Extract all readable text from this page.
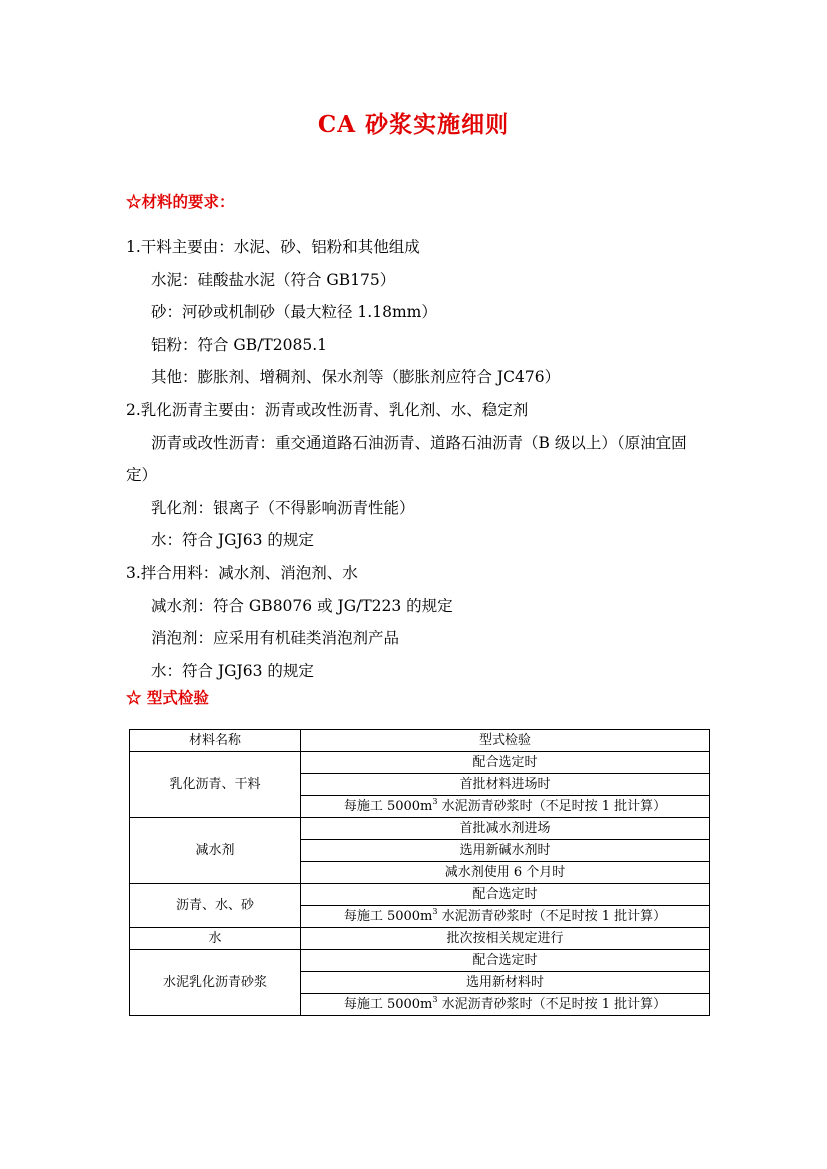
CA 砂浆实施细则
☆材料的要求：
1.干料主要由：水泥、砂、铝粉和其他组成
水泥：硅酸盐水泥（符合 GB175）
砂：河砂或机制砂（最大粒径 1.18mm）
铝粉：符合 GB/T2085.1
其他：膨胀剂、增稠剂、保水剂等（膨胀剂应符合 JC476）
2.乳化沥青主要由：沥青或改性沥青、乳化剂、水、稳定剂
沥青或改性沥青：重交通道路石油沥青、道路石油沥青（B 级以上）（原油宜固定）
乳化剂：银离子（不得影响沥青性能）
水：符合 JGJ63 的规定
3.拌合用料：减水剂、消泡剂、水
减水剂：符合 GB8076 或 JG/T223 的规定
消泡剂：应采用有机硅类消泡剂产品
水：符合 JGJ63 的规定
☆ 型式检验
材料名称	型式检验
乳化沥青、干料	配合选定时
	首批材料进场时
	每施工 $5000m^3$ 水泥沥青砂浆时（不足时按 1 批计算）
减水剂	首批减水剂进场
	选用新碱水剂时
	减水剂使用 6 个月时
沥青、水、砂	配合选定时
	每施工 $5000m^3$ 水泥沥青砂浆时（不足时按 1 批计算）
水	批次按相关规定进行
水泥乳化沥青砂浆	配合选定时
	选用新材料时
	每施工 $5000m^3$ 水泥沥青砂浆时（不足时按 1 批计算）
